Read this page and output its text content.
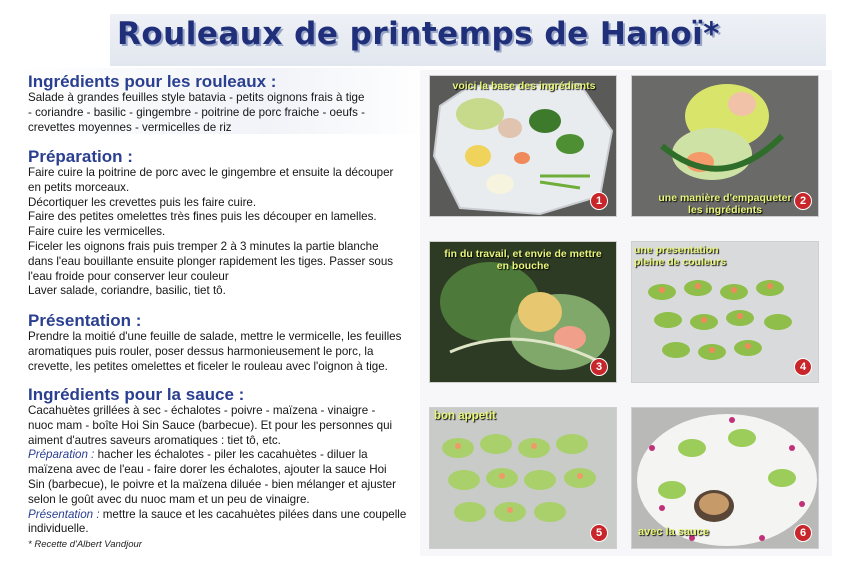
Rouleaux de printemps de Hanoï*

Ingrédients pour les rouleaux :

Salade à grandes feuilles style batavia - petits oignons frais à tige

- coriandre - basilic - gingembre - poitrine de porc fraiche - oeufs -

crevettes moyennes - vermicelles de riz

Préparation :

Faire cuire la poitrine de porc avec le gingembre et ensuite la découper

en petits morceaux.

Décortiquer les crevettes puis les faire cuire.

Faire des petites omelettes très fines puis les découper en lamelles.

Faire cuire les vermicelles.

Ficeler les oignons frais puis tremper 2 à 3 minutes la partie blanche

dans l'eau bouillante ensuite plonger rapidement les tiges. Passer sous

l'eau froide pour conserver leur couleur

Laver salade, coriandre, basilic, tiet tô.

Présentation :

Prendre la moitié d'une feuille de salade, mettre le vermicelle, les feuilles

aromatiques puis rouler, poser dessus harmonieusement le porc, la

crevette, les petites omelettes et ficeler le rouleau avec l'oignon à tige.

Ingrédients pour la sauce :

Cacahuètes grillées à sec - échalotes - poivre - maïzena - vinaigre -

nuoc mam - boîte Hoi Sin Sauce (barbecue). Et pour les personnes qui

aiment d'autres saveurs aromatiques : tiet tô, etc.

Préparation : hacher les échalotes - piler les cacahuètes - diluer la

maïzena avec de l'eau - faire dorer les échalotes, ajouter la sauce Hoi

Sin (barbecue), le poivre et la maïzena diluée - bien mélanger et ajuster

selon le goût avec du nuoc mam et un peu de vinaigre.

Présentation : mettre la sauce et les cacahuètes pilées dans une coupelle

individuelle.

* Recette d'Albert Vandjour

voici la base des ingrédients
1	une manière d'empaqueter les ingrédients
2
fin du travail, et envie de mettre en bouche
3
une presentation pleine de couleurs
4
bon appetit
5	avec la sauce	6
